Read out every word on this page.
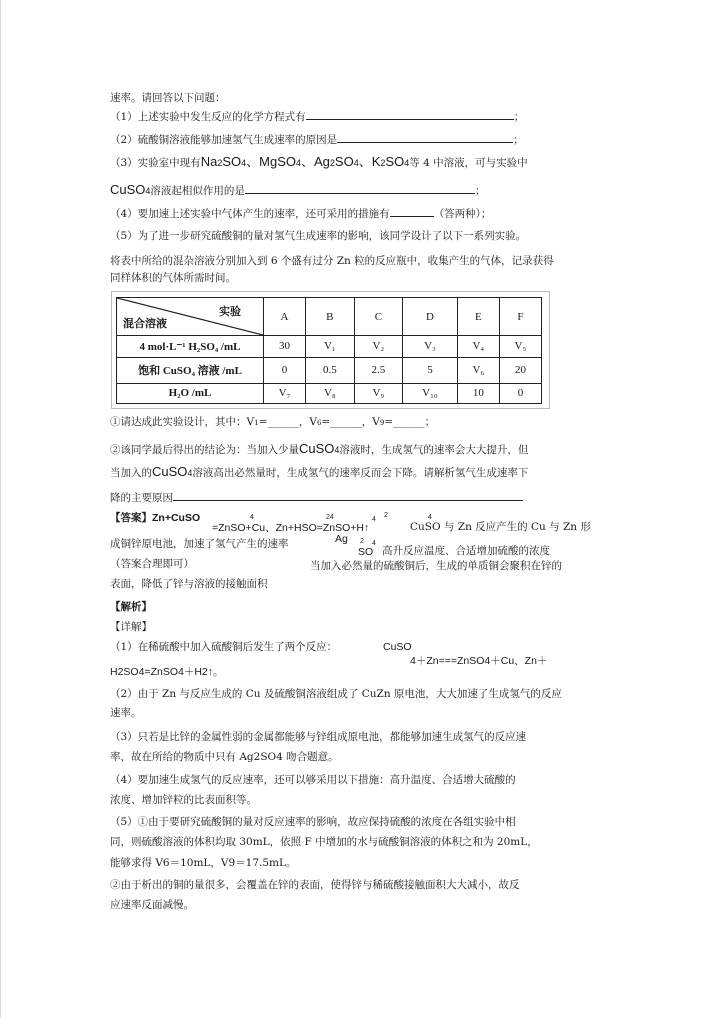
速率。请回答以下问题：
（1）上述实验中发生反应的化学方程式有	；
（2）硫酸铜溶液能够加速氢气生成速率的原因是	；
（3）实验室中现有Na2SO4、MgSO4、Ag2SO4、K2SO4等 4 中溶液，可与实验中
CuSO4溶液起相似作用的是	；
（4）要加速上述实验中气体产生的速率，还可采用的措施有	（答两种）；
（5）为了进一步研究硫酸铜的量对氢气生成速率的影响，该同学设计了以下一系列实验。
将表中所给的混杂溶液分别加入到 6 个盛有过分 Zn 粒的反应瓶中，收集产生的气体，记录获得
同样体积的气体所需时间。
实验
混合溶液	A	B	C	D	E	F
4 mol·L⁻¹ H₂SO₄ /mL	30	V₁	V₂	V₃	V₄	V₅
饱和 CuSO₄ 溶液 /mL	0	0.5	2.5	5	V₆	20
H₂O /mL	V₇	V₈	V₉	V₁₀	10	0
①请达成此实验设计，其中：V1=______，V6=______，V9=______；
②该同学最后得出的结论为：当加入少量CuSO4溶液时，生成氢气的速率会大大提升，但
当加入的CuSO4溶液高出必然量时，生成氢气的速率反而会下降。请解析氢气生成速率下
降的主要原因
【答案】Zn+CuSO	4	24
=ZnSO+Cu、Zn+HSO=ZnSO+H↑
4
2	4
CuSO 与 Zn 反应产生的 Cu 与 Zn 形
成铜锌原电池，加速了氢气产生的速率	Ag 2 4
SO 高升反应温度、合适增加硫酸的浓度
（答案合理即可）	当加入必然量的硫酸铜后，生成的单质铜会聚积在锌的
表面，降低了锌与溶液的接触面积
【解析】
【详解】
（1）在稀硫酸中加入硫酸铜后发生了两个反应：	CuSO
4＋Zn===ZnSO4＋Cu、Zn＋
H2SO4=ZnSO4＋H2↑。
（2）由于 Zn 与反应生成的 Cu 及硫酸铜溶液组成了 CuZn 原电池，大大加速了生成氢气的反应
速率。
（3）只若是比锌的金属性弱的金属都能够与锌组成原电池，都能够加速生成氢气的反应速
率，故在所给的物质中只有 Ag2SO4 吻合题意。
（4）要加速生成氢气的反应速率，还可以够采用以下措施：高升温度、合适增大硫酸的
浓度、增加锌粒的比表面积等。
（5）①由于要研究硫酸铜的量对反应速率的影响，故应保持硫酸的浓度在各组实验中相
同，则硫酸溶液的体积均取 30mL，依照 F 中增加的水与硫酸铜溶液的体积之和为 20mL，
能够求得 V6＝10mL，V9＝17.5mL。
②由于析出的铜的量很多，会覆盖在锌的表面，使得锌与稀硫酸接触面积大大减小，故反
应速率反面减慢。
